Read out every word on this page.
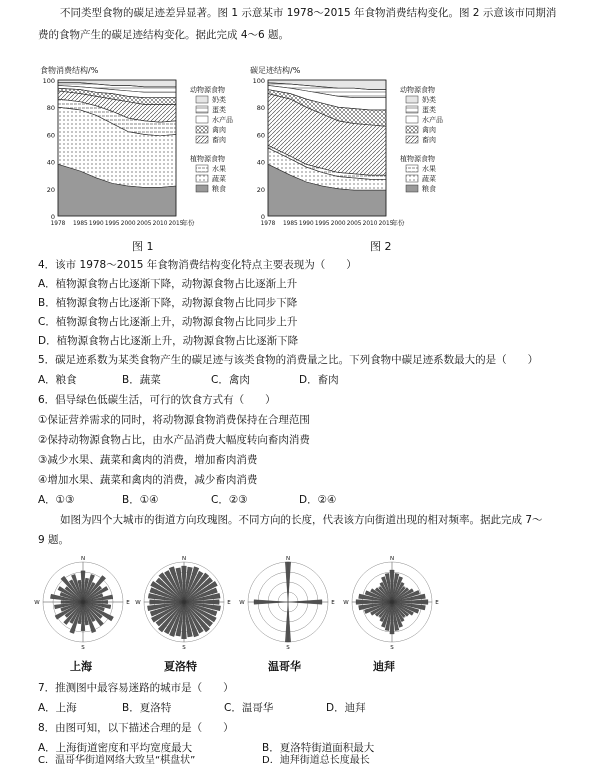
不同类型食物的碳足迹差异显著。图 1 示意某市 1978～2015 年食物消费结构变化。图 2 示意该市同期消
费的食物产生的碳足迹结构变化。据此完成 4～6 题。
食物消费结构/%
0
20
40
60
80
100
1978 1985 1990 1995 2000 2005 2010 2015
年份
动物源食物
奶类
蛋类
水产品
禽肉
畜肉
植物源食物
水果
蔬菜
粮食
图 1
碳足迹结构/%
0
20
40
60
80
100
1978 1985 1990 1995 2000 2005 2010 2015
年份
动物源食物
奶类
蛋类
水产品
禽肉
畜肉
植物源食物
水果
蔬菜
粮食
图 2
4．该市 1978～2015 年食物消费结构变化特点主要表现为（　　）
A．植物源食物占比逐渐下降，动物源食物占比逐渐上升
B．植物源食物占比逐渐下降，动物源食物占比同步下降
C．植物源食物占比逐渐上升，动物源食物占比同步上升
D．植物源食物占比逐渐上升，动物源食物占比逐渐下降
5．碳足迹系数为某类食物产生的碳足迹与该类食物的消费量之比。下列食物中碳足迹系数最大的是（　　）
A．粮食	B．蔬菜	C．禽肉	D．畜肉
6．倡导绿色低碳生活，可行的饮食方式有（　　）
①保证营养需求的同时，将动物源食物消费保持在合理范围
②保持动物源食物占比，由水产品消费大幅度转向畜肉消费
③减少水果、蔬菜和禽肉的消费，增加畜肉消费
④增加水果、蔬菜和禽肉的消费，减少畜肉消费
A．①③	B．①④	C．②③	D．②④
如图为四个大城市的街道方向玫瑰图。不同方向的长度，代表该方向街道出现的相对频率。据此完成 7～
9 题。
N
S
W	E
N
S
W	E
N
S
W	E
N
S
W	E
上海	夏洛特	温哥华	迪拜
7．推测图中最容易迷路的城市是（　　）
A．上海	B．夏洛特	C．温哥华	D．迪拜
8．由图可知，以下描述合理的是（　　）
A．上海街道密度和平均宽度最大	B．夏洛特街道面积最大
C．温哥华街道网络大致呈“棋盘状”	D．迪拜街道总长度最长
